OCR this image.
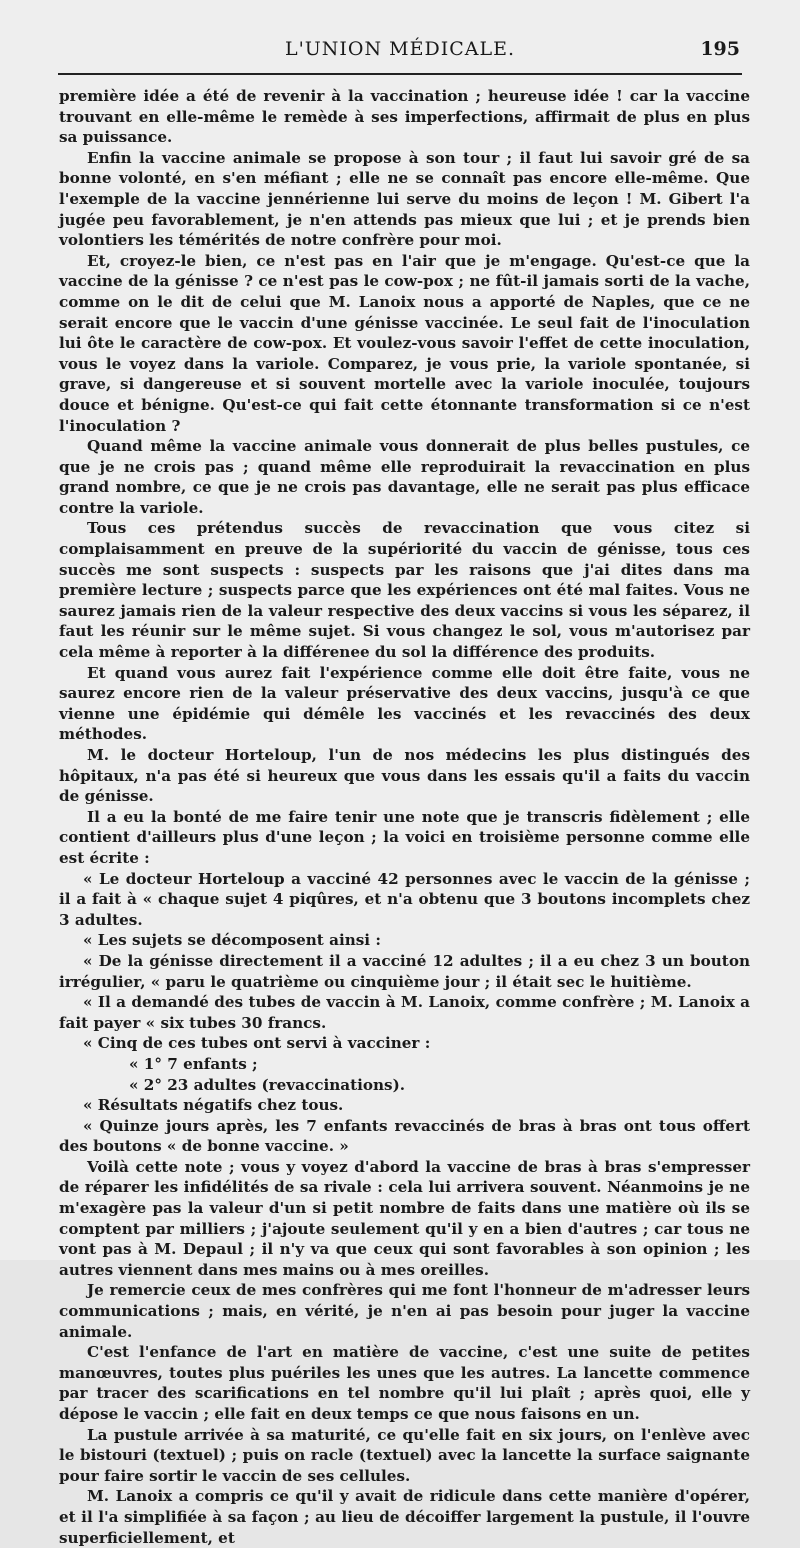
L'UNION MÉDICALE.	195

première idée a été de revenir à la vaccination ; heureuse idée ! car la vaccine trouvant en elle-même le remède à ses imperfections, affirmait de plus en plus sa puissance.

Enfin la vaccine animale se propose à son tour ; il faut lui savoir gré de sa bonne volonté, en s'en méfiant ; elle ne se connaît pas encore elle-même. Que l'exemple de la vaccine jennérienne lui serve du moins de leçon ! M. Gibert l'a jugée peu favorablement, je n'en attends pas mieux que lui ; et je prends bien volontiers les témérités de notre confrère pour moi.

Et, croyez-le bien, ce n'est pas en l'air que je m'engage. Qu'est-ce que la vaccine de la génisse ? ce n'est pas le cow-pox ; ne fût-il jamais sorti de la vache, comme on le dit de celui que M. Lanoix nous a apporté de Naples, que ce ne serait encore que le vaccin d'une génisse vaccinée. Le seul fait de l'inoculation lui ôte le caractère de cow-pox. Et voulez-vous savoir l'effet de cette inoculation, vous le voyez dans la variole. Comparez, je vous prie, la variole spontanée, si grave, si dangereuse et si souvent mortelle avec la variole inoculée, toujours douce et bénigne. Qu'est-ce qui fait cette étonnante transformation si ce n'est l'inoculation ?

Quand même la vaccine animale vous donnerait de plus belles pustules, ce que je ne crois pas ; quand même elle reproduirait la revaccination en plus grand nombre, ce que je ne crois pas davantage, elle ne serait pas plus efficace contre la variole.

Tous ces prétendus succès de revaccination que vous citez si complaisamment en preuve de la supériorité du vaccin de génisse, tous ces succès me sont suspects : suspects par les raisons que j'ai dites dans ma première lecture ; suspects parce que les expériences ont été mal faites. Vous ne saurez jamais rien de la valeur respective des deux vaccins si vous les séparez, il faut les réunir sur le même sujet. Si vous changez le sol, vous m'autorisez par cela même à reporter à la différenee du sol la différence des produits.

Et quand vous aurez fait l'expérience comme elle doit être faite, vous ne saurez encore rien de la valeur préservative des deux vaccins, jusqu'à ce que vienne une épidémie qui démêle les vaccinés et les revaccinés des deux méthodes.

M. le docteur Horteloup, l'un de nos médecins les plus distingués des hôpitaux, n'a pas été si heureux que vous dans les essais qu'il a faits du vaccin de génisse.

Il a eu la bonté de me faire tenir une note que je transcris fidèlement ; elle contient d'ailleurs plus d'une leçon ; la voici en troisième personne comme elle est écrite :

« Le docteur Horteloup a vacciné 42 personnes avec le vaccin de la génisse ; il a fait à « chaque sujet 4 piqûres, et n'a obtenu que 3 boutons incomplets chez 3 adultes.

« Les sujets se décomposent ainsi :

« De la génisse directement il a vacciné 12 adultes ; il a eu chez 3 un bouton irrégulier, « paru le quatrième ou cinquième jour ; il était sec le huitième.

« Il a demandé des tubes de vaccin à M. Lanoix, comme confrère ; M. Lanoix a fait payer « six tubes 30 francs.

« Cinq de ces tubes ont servi à vacciner :

« 1° 7 enfants ;

« 2° 23 adultes (revaccinations).

« Résultats négatifs chez tous.

« Quinze jours après, les 7 enfants revaccinés de bras à bras ont tous offert des boutons « de bonne vaccine. »

Voilà cette note ; vous y voyez d'abord la vaccine de bras à bras s'empresser de réparer les infidélités de sa rivale : cela lui arrivera souvent. Néanmoins je ne m'exagère pas la valeur d'un si petit nombre de faits dans une matière où ils se comptent par milliers ; j'ajoute seulement qu'il y en a bien d'autres ; car tous ne vont pas à M. Depaul ; il n'y va que ceux qui sont favorables à son opinion ; les autres viennent dans mes mains ou à mes oreilles.

Je remercie ceux de mes confrères qui me font l'honneur de m'adresser leurs communications ; mais, en vérité, je n'en ai pas besoin pour juger la vaccine animale.

C'est l'enfance de l'art en matière de vaccine, c'est une suite de petites manœuvres, toutes plus puériles les unes que les autres. La lancette commence par tracer des scarifications en tel nombre qu'il lui plaît ; après quoi, elle y dépose le vaccin ; elle fait en deux temps ce que nous faisons en un.

La pustule arrivée à sa maturité, ce qu'elle fait en six jours, on l'enlève avec le bistouri (textuel) ; puis on racle (textuel) avec la lancette la surface saignante pour faire sortir le vaccin de ses cellules.

M. Lanoix a compris ce qu'il y avait de ridicule dans cette manière d'opérer, et il l'a simplifiée à sa façon ; au lieu de décoiffer largement la pustule, il l'ouvre superficiellement, et
